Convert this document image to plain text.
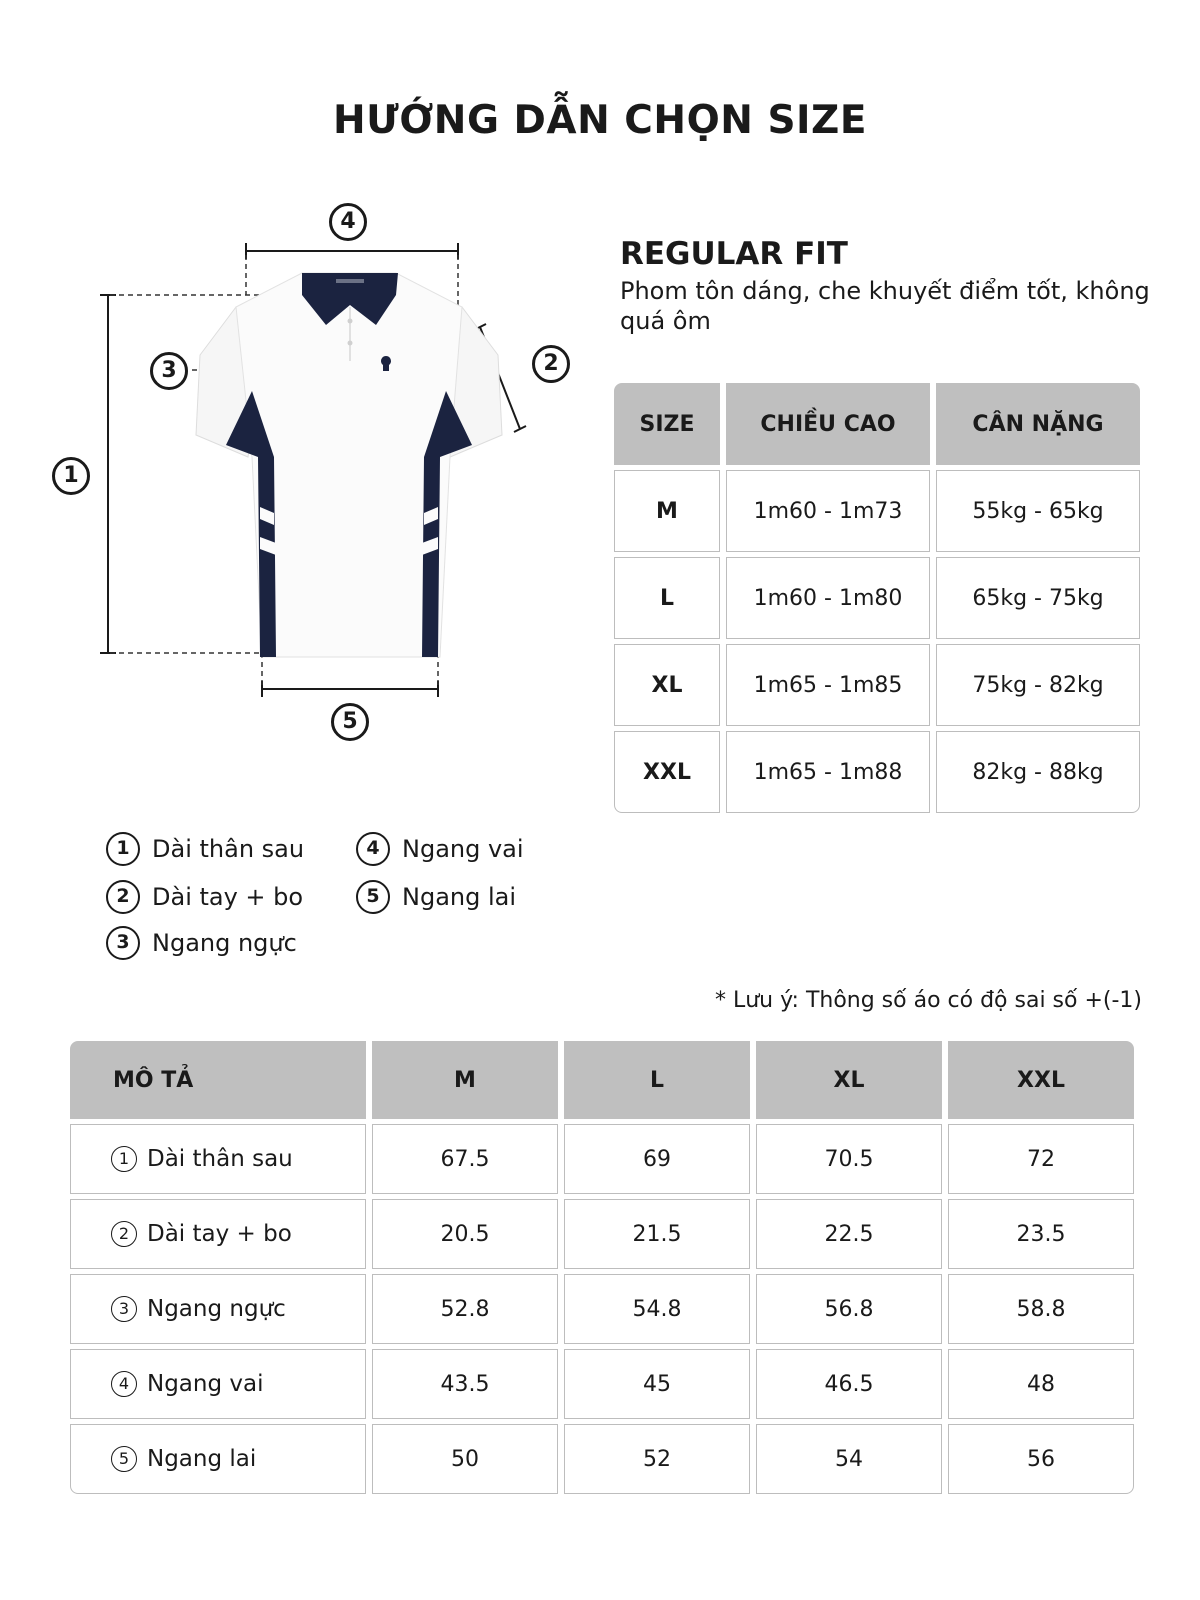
HƯỚNG DẪN CHỌN SIZE
4
2
3
1
5
REGULAR FIT
Phom tôn dáng, che khuyết điểm tốt, không quá ôm
SIZE	CHIỀU CAO	CÂN NẶNG
M	1m60 - 1m73	55kg - 65kg
L	1m60 - 1m80	65kg - 75kg
XL	1m65 - 1m85	75kg - 82kg
XXL	1m65 - 1m88	82kg - 88kg
1 Dài thân sau
2 Dài tay + bo
3 Ngang ngực
4 Ngang vai
5 Ngang lai
* Lưu ý: Thông số áo có độ sai số +(-1)
MÔ TẢ	M	L	XL	XXL
1 Dài thân sau	67.5	69	70.5	72
2 Dài tay + bo	20.5	21.5	22.5	23.5
3 Ngang ngực	52.8	54.8	56.8	58.8
4 Ngang vai	43.5	45	46.5	48
5 Ngang lai	50	52	54	56
